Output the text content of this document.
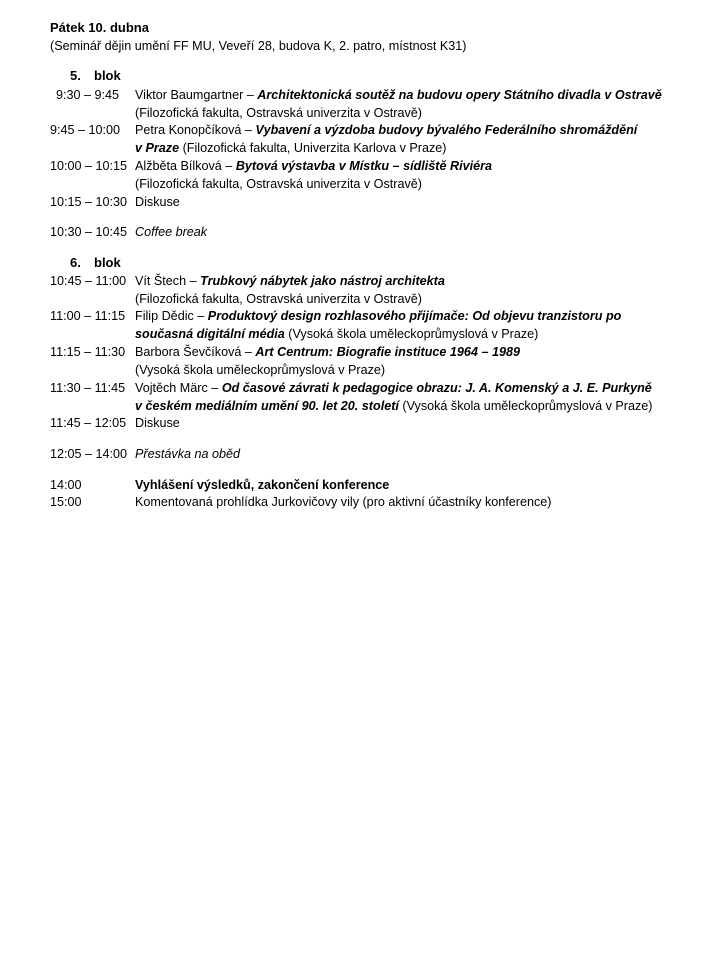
Pátek 10. dubna
(Seminář dějin umění FF MU, Veveří 28, budova K, 2. patro, místnost K31)
5. blok
9:30 – 9:45 Viktor Baumgartner – Architektonická soutěž na budovu opery Státního divadla v Ostravě
(Filozofická fakulta, Ostravská univerzita v Ostravě)
9:45 – 10:00 Petra Konopčíková – Vybavení a výzdoba budovy bývalého Federálního shromáždění
v Praze (Filozofická fakulta, Univerzita Karlova v Praze)
10:00 – 10:15 Alžběta Bílková – Bytová výstavba v Místku – sídliště Riviéra
(Filozofická fakulta, Ostravská univerzita v Ostravě)
10:15 – 10:30 Diskuse
10:30 – 10:45 Coffee break
6. blok
10:45 – 11:00 Vít Štech – Trubkový nábytek jako nástroj architekta
(Filozofická fakulta, Ostravská univerzita v Ostravě)
11:00 – 11:15 Filip Dědic – Produktový design rozhlasového přijímače: Od objevu tranzistoru po
současná digitální média (Vysoká škola uměleckoprůmyslová v Praze)
11:15 – 11:30 Barbora Ševčíková – Art Centrum: Biografie instituce 1964 – 1989
(Vysoká škola uměleckoprůmyslová v Praze)
11:30 – 11:45 Vojtěch Märc – Od časové závrati k pedagogice obrazu: J. A. Komenský a J. E. Purkyně
v českém mediálním umění 90. let 20. století (Vysoká škola uměleckoprůmyslová v Praze)
11:45 – 12:05 Diskuse
12:05 – 14:00 Přestávka na oběd
14:00	Vyhlášení výsledků, zakončení konference
15:00	Komentovaná prohlídka Jurkovičovy vily (pro aktivní účastníky konference)
